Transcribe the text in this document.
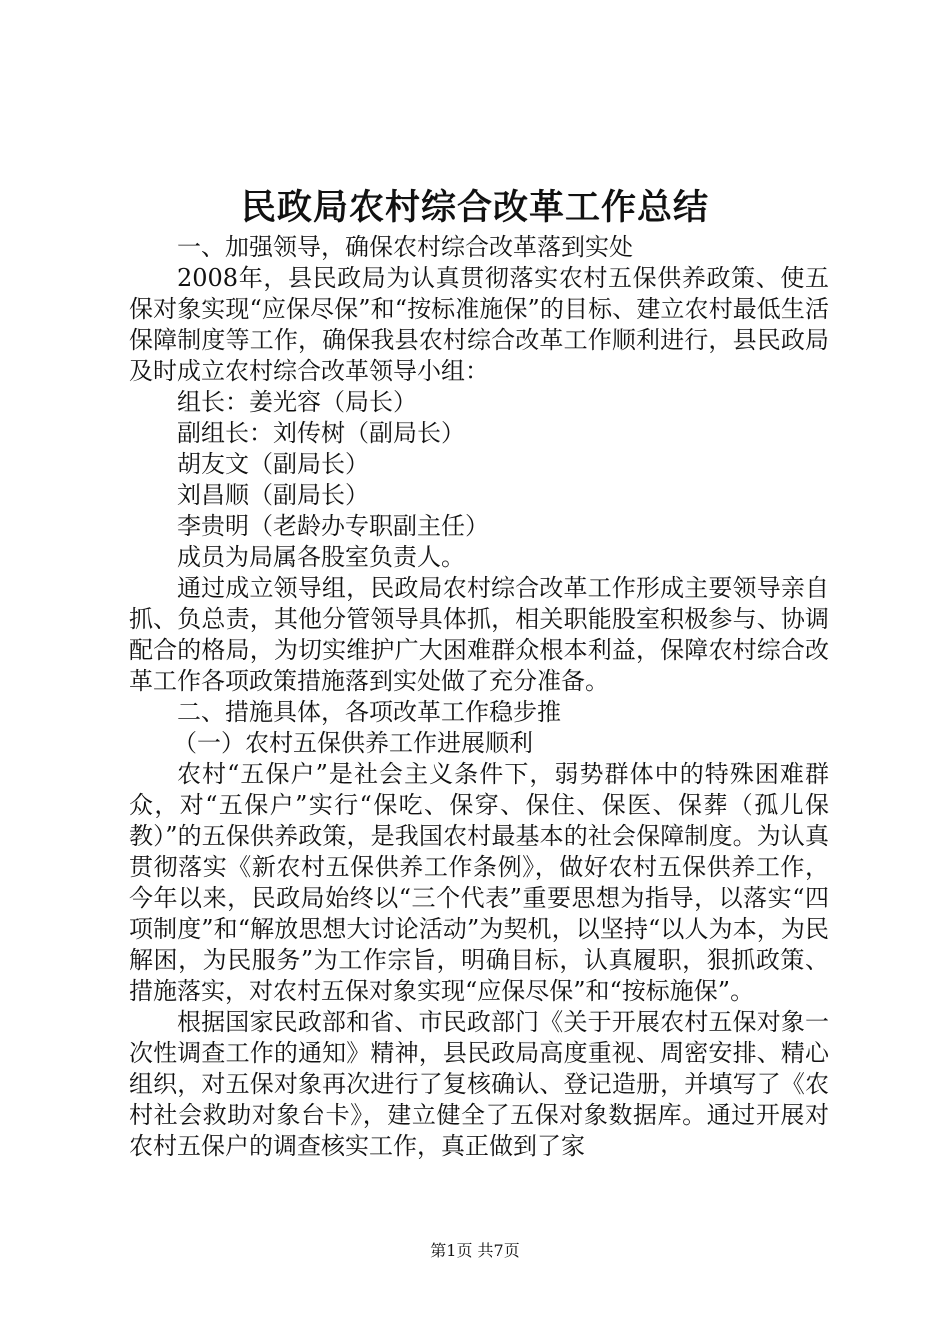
民政局农村综合改革工作总结

一、加强领导，确保农村综合改革落到实处

2008年，县民政局为认真贯彻落实农村五保供养政策、使五保对象实现“应保尽保”和“按标准施保”的目标、建立农村最低生活保障制度等工作，确保我县农村综合改革工作顺利进行，县民政局及时成立农村综合改革领导小组：

组长：姜光容（局长）

副组长：刘传树（副局长）

胡友文（副局长）

刘昌顺（副局长）

李贵明（老龄办专职副主任）

成员为局属各股室负责人。

通过成立领导组，民政局农村综合改革工作形成主要领导亲自抓、负总责，其他分管领导具体抓，相关职能股室积极参与、协调配合的格局，为切实维护广大困难群众根本利益，保障农村综合改革工作各项政策措施落到实处做了充分准备。

二、措施具体，各项改革工作稳步推

（一）农村五保供养工作进展顺利

农村“五保户”是社会主义条件下，弱势群体中的特殊困难群众，对“五保户”实行“保吃、保穿、保住、保医、保葬（孤儿保教）”的五保供养政策，是我国农村最基本的社会保障制度。为认真贯彻落实《新农村五保供养工作条例》，做好农村五保供养工作，今年以来，民政局始终以“三个代表”重要思想为指导，以落实“四项制度”和“解放思想大讨论活动”为契机，以坚持“以人为本，为民解困，为民服务”为工作宗旨，明确目标，认真履职，狠抓政策、措施落实，对农村五保对象实现“应保尽保”和“按标施保”。

根据国家民政部和省、市民政部门《关于开展农村五保对象一次性调查工作的通知》精神，县民政局高度重视、周密安排、精心组织，对五保对象再次进行了复核确认、登记造册，并填写了《农村社会救助对象台卡》，建立健全了五保对象数据库。通过开展对农村五保户的调查核实工作，真正做到了家

第1页 共7页
